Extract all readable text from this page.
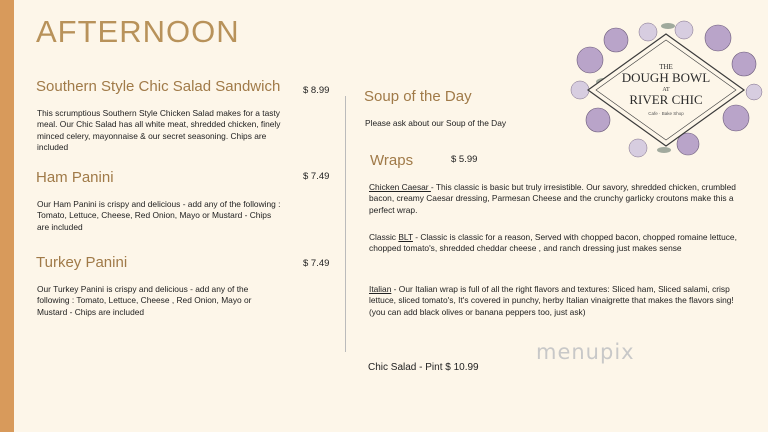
AFTERNOON
THE
DOUGH BOWL
AT
RIVER CHIC
Cafe · Bake Shop
Southern Style Chic Salad Sandwich $ 8.99
This scrumptious Southern Style Chicken Salad makes for a tasty meal. Our Chic Salad has all white meat, shredded chicken, finely minced celery, mayonnaise & our secret seasoning. Chips are included
Ham Panini	$ 7.49
Our Ham Panini is crispy and delicious - add any of the following : Tomato, Lettuce, Cheese, Red Onion, Mayo or Mustard - Chips are included
Turkey Panini	$ 7.49
Our Turkey Panini is crispy and delicious - add any of the following : Tomato, Lettuce, Cheese , Red Onion, Mayo or Mustard - Chips are included
Soup of the Day
Please ask about our Soup of the Day
Wraps	$ 5.99
Chicken Caesar - This classic is basic but truly irresistible. Our savory, shredded chicken, crumbled bacon, creamy Caesar dressing, Parmesan Cheese and the crunchy garlicky croutons make this a perfect wrap.
Classic BLT - Classic is classic for a reason, Served with chopped bacon, chopped romaine lettuce, chopped tomato's, shredded cheddar cheese , and ranch dressing just makes sense
Italian - Our Italian wrap is full of all the right flavors and textures: Sliced ham, Sliced salami, crisp lettuce, sliced tomato's, It's covered in punchy, herby Italian vinaigrette that makes the flavors sing! (you can add black olives or banana peppers too, just ask)
menupix
Chic Salad - Pint $ 10.99
